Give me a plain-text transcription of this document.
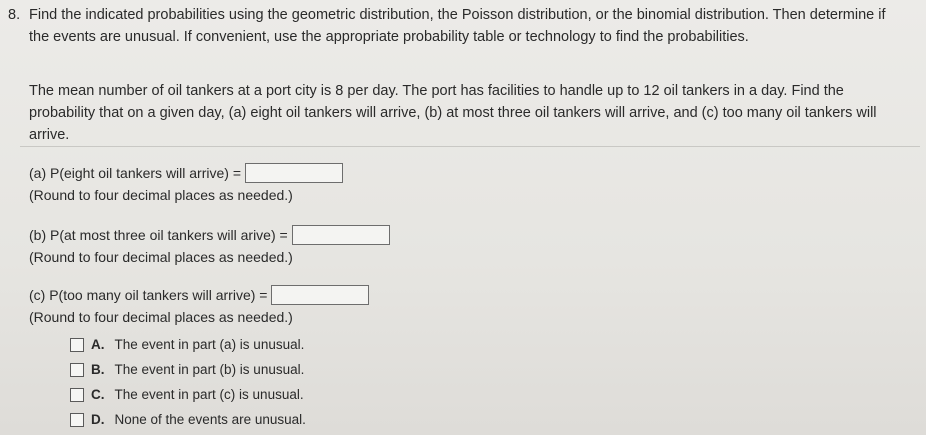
8. Find the indicated probabilities using the geometric distribution, the Poisson distribution, or the binomial distribution. Then determine if the events are unusual. If convenient, use the appropriate probability table or technology to find the probabilities.
The mean number of oil tankers at a port city is 8 per day. The port has facilities to handle up to 12 oil tankers in a day. Find the probability that on a given day, (a) eight oil tankers will arrive, (b) at most three oil tankers will arrive, and (c) too many oil tankers will arrive.
(a) P(eight oil tankers will arrive) =
(Round to four decimal places as needed.)
(b) P(at most three oil tankers will arive) =
(Round to four decimal places as needed.)
(c) P(too many oil tankers will arrive) =
(Round to four decimal places as needed.)
A. The event in part (a) is unusual.
B. The event in part (b) is unusual.
C. The event in part (c) is unusual.
D. None of the events are unusual.
